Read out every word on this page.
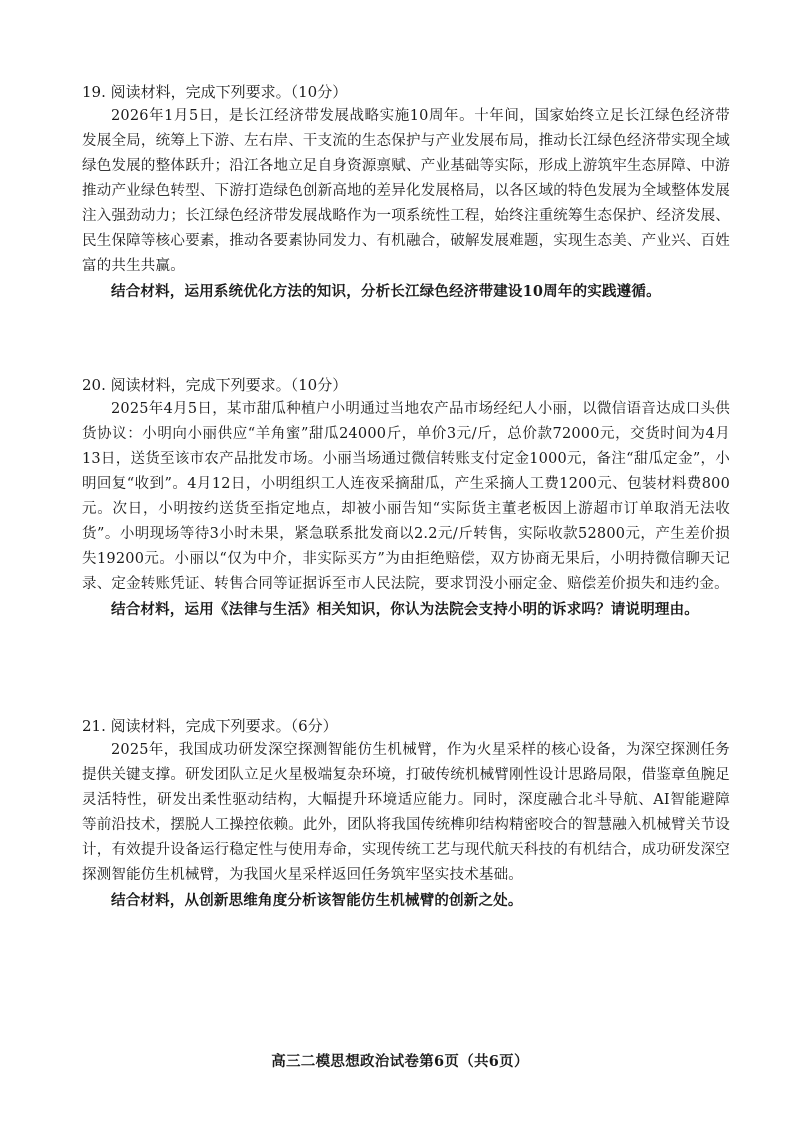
19. 阅读材料，完成下列要求。（10分）

2026年1月5日，是长江经济带发展战略实施10周年。十年间，国家始终立足长江绿色经济带发展全局，统筹上下游、左右岸、干支流的生态保护与产业发展布局，推动长江绿色经济带实现全域绿色发展的整体跃升；沿江各地立足自身资源禀赋、产业基础等实际，形成上游筑牢生态屏障、中游推动产业绿色转型、下游打造绿色创新高地的差异化发展格局，以各区域的特色发展为全域整体发展注入强劲动力；长江绿色经济带发展战略作为一项系统性工程，始终注重统筹生态保护、经济发展、民生保障等核心要素，推动各要素协同发力、有机融合，破解发展难题，实现生态美、产业兴、百姓富的共生共赢。

结合材料，运用系统优化方法的知识，分析长江绿色经济带建设10周年的实践遵循。

20. 阅读材料，完成下列要求。（10分）

2025年4月5日，某市甜瓜种植户小明通过当地农产品市场经纪人小丽，以微信语音达成口头供货协议：小明向小丽供应“羊角蜜”甜瓜24000斤，单价3元/斤，总价款72000元，交货时间为4月13日，送货至该市农产品批发市场。小丽当场通过微信转账支付定金1000元，备注“甜瓜定金”，小明回复“收到”。4月12日，小明组织工人连夜采摘甜瓜，产生采摘人工费1200元、包装材料费800元。次日，小明按约送货至指定地点，却被小丽告知“实际货主董老板因上游超市订单取消无法收货”。小明现场等待3小时未果，紧急联系批发商以2.2元/斤转售，实际收款52800元，产生差价损失19200元。小丽以“仅为中介，非实际买方”为由拒绝赔偿，双方协商无果后，小明持微信聊天记录、定金转账凭证、转售合同等证据诉至市人民法院，要求罚没小丽定金、赔偿差价损失和违约金。

结合材料，运用《法律与生活》相关知识，你认为法院会支持小明的诉求吗？请说明理由。

21. 阅读材料，完成下列要求。（6分）

2025年，我国成功研发深空探测智能仿生机械臂，作为火星采样的核心设备，为深空探测任务提供关键支撑。研发团队立足火星极端复杂环境，打破传统机械臂刚性设计思路局限，借鉴章鱼腕足灵活特性，研发出柔性驱动结构，大幅提升环境适应能力。同时，深度融合北斗导航、AI智能避障等前沿技术，摆脱人工操控依赖。此外，团队将我国传统榫卯结构精密咬合的智慧融入机械臂关节设计，有效提升设备运行稳定性与使用寿命，实现传统工艺与现代航天科技的有机结合，成功研发深空探测智能仿生机械臂，为我国火星采样返回任务筑牢坚实技术基础。

结合材料，从创新思维角度分析该智能仿生机械臂的创新之处。

高三二模思想政治试卷第6页（共6页）
